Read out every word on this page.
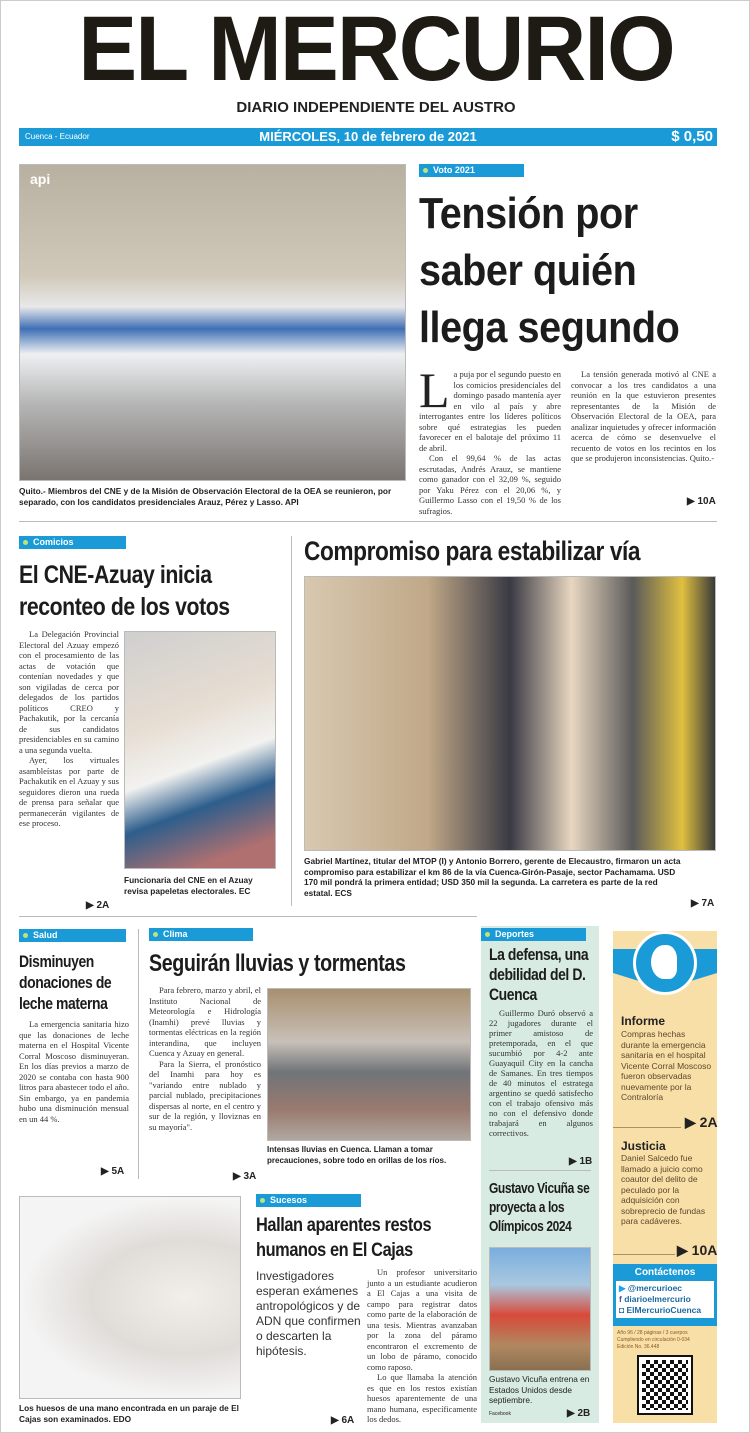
EL MERCURIO
DIARIO INDEPENDIENTE DEL AUSTRO
Cuenca - Ecuador	MIÉRCOLES, 10 de febrero de 2021	$ 0,50
api
Quito.- Miembros del CNE y de la Misión de Observación Electoral de la OEA se reunieron, por separado, con los candidatos presidenciales Arauz, Pérez y Lasso. API
Voto 2021
Tensión por saber quién llega segundo
L a puja por el segundo puesto en los comicios presidenciales del domingo pasado mantenía ayer en vilo al país y abre interrogantes entre los líderes políticos sobre qué estrategias les pueden favorecer en el balotaje del próximo 11 de abril.

Con el 99,64 % de las actas escrutadas, Andrés Arauz, se mantiene como ganador con el 32,09 %, seguido por Yaku Pérez con el 20,06 %, y Guillermo Lasso con el 19,50 % de los sufragios.

La tensión generada motivó al CNE a convocar a los tres candidatos a una reunión en la que estuvieron presentes representantes de la Misión de Observación Electoral de la OEA, para analizar inquietudes y ofrecer información acerca de cómo se desenvuelve el recuento de votos en los recintos en los que se produjeron inconsistencias. Quito.-

▶ 10A
Comicios
El CNE-Azuay inicia reconteo de los votos

La Delegación Provincial Electoral del Azuay empezó con el procesamiento de las actas de votación que contenían novedades y que son vigiladas de cerca por delegados de los partidos políticos CREO y Pachakutik, por la cercanía de sus candidatos presidenciables en su camino a una segunda vuelta.

Ayer, los virtuales asambleístas por parte de Pachakutik en el Azuay y sus seguidores dieron una rueda de prensa para señalar que permanecerán vigilantes de ese proceso.

Funcionaria del CNE en el Azuay revisa papeletas electorales. EC
▶ 2A
Compromiso para estabilizar vía
Gabriel Martínez, titular del MTOP (I) y Antonio Borrero, gerente de Elecaustro, firmaron un acta compromiso para estabilizar el km 86 de la vía Cuenca-Girón-Pasaje, sector Pachamama. USD 170 mil pondrá la primera entidad; USD 350 mil la segunda. La carretera es parte de la red estatal. ECS
▶ 7A
Salud
Disminuyen donaciones de leche materna

La emergencia sanitaria hizo que las donaciones de leche materna en el Hospital Vicente Corral Moscoso disminuyeran. En los días previos a marzo de 2020 se contaba con hasta 900 litros para abastecer todo el año. Sin embargo, ya en pandemia hubo una disminución mensual en un 44 %.

▶ 5A
Clima
Seguirán lluvias y tormentas

Para febrero, marzo y abril, el Instituto Nacional de Meteorología e Hidrología (Inamhi) prevé lluvias y tormentas eléctricas en la región interandina, que incluyen Cuenca y Azuay en general.

Para la Sierra, el pronóstico del Inamhi para hoy es "variando entre nublado y parcial nublado, precipitaciones dispersas al norte, en el centro y sur de la región, y lloviznas en su mayoría".

Intensas lluvias en Cuenca. Llaman a tomar precauciones, sobre todo en orillas de los ríos.
▶ 3A
Deportes
La defensa, una debilidad del D. Cuenca

Guillermo Duró observó a 22 jugadores durante el primer amistoso de pretemporada, en el que sucumbió por 4-2 ante Guayaquil City en la cancha de Samanes. En tres tiempos de 40 minutos el estratega argentino se quedó satisfecho con el trabajo ofensivo más no con el defensivo donde trabajará en algunos correctivos.

▶ 1B
Gustavo Vicuña se proyecta a los Olímpicos 2024
Gustavo Vicuña entrena en Estados Unidos desde septiembre.
Facebook	▶ 2B
Informe

Compras hechas durante la emergencia sanitaria en el hospital Vicente Corral Moscoso fueron observadas nuevamente por la Contraloría

▶ 2A
Justicia

Daniel Salcedo fue llamado a juicio como coautor del delito de peculado por la adquisición con sobreprecio de fundas para cadáveres.

▶ 10A
Contáctenos
▶ @mercurioec
f diarioelmercurio
◘ ElMercurioCuenca
Año 96 / 28 páginas / 3 cuerpos
Cumpliendo en circulación 0-034
Edición No. 36.448
Los huesos de una mano encontrada en un paraje de El Cajas son examinados. EDO
Sucesos
Hallan aparentes restos humanos en El Cajas
Investigadores esperan exámenes antropológicos y de ADN que confirmen o descarten la hipótesis.

Un profesor universitario junto a un estudiante acudieron a El Cajas a una visita de campo para registrar datos como parte de la elaboración de una tesis. Mientras avanzaban por la zona del páramo encontraron el excremento de un lobo de páramo, conocido como raposo.

Lo que llamaba la atención es que en los restos existían huesos aparentemente de una mano humana, específicamente los dedos.

▶ 6A
